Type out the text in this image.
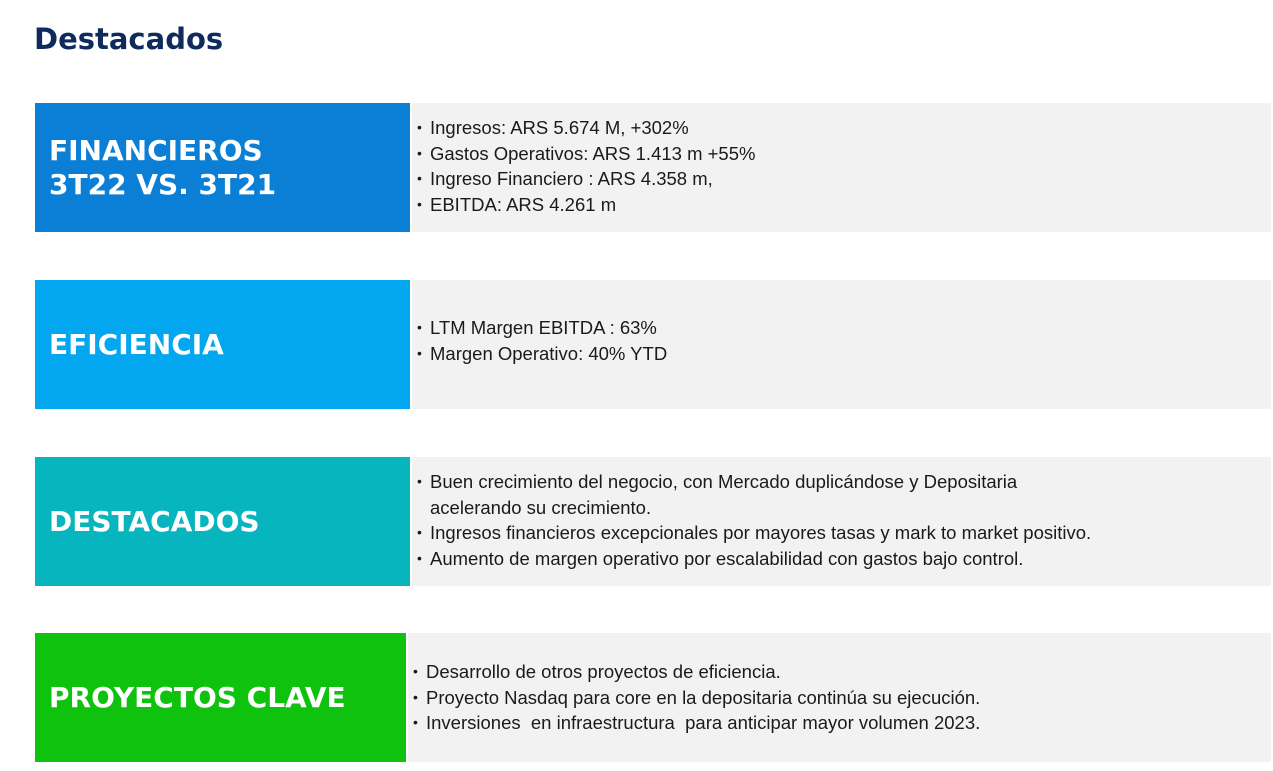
Destacados
FINANCIEROS
3T22 VS. 3T21
• Ingresos: ARS 5.674 M, +302%
• Gastos Operativos: ARS 1.413 m +55%
• Ingreso Financiero : ARS 4.358 m,
• EBITDA: ARS 4.261 m
EFICIENCIA
• LTM Margen EBITDA : 63%
• Margen Operativo: 40% YTD
DESTACADOS
• Buen crecimiento del negocio, con Mercado duplicándose y Depositaria
acelerando su crecimiento.
• Ingresos financieros excepcionales por mayores tasas y mark to market positivo.
• Aumento de margen operativo por escalabilidad con gastos bajo control.
PROYECTOS CLAVE
• Desarrollo de otros proyectos de eficiencia.
• Proyecto Nasdaq para core en la depositaria continúa su ejecución.
• Inversiones  en infraestructura  para anticipar mayor volumen 2023.
